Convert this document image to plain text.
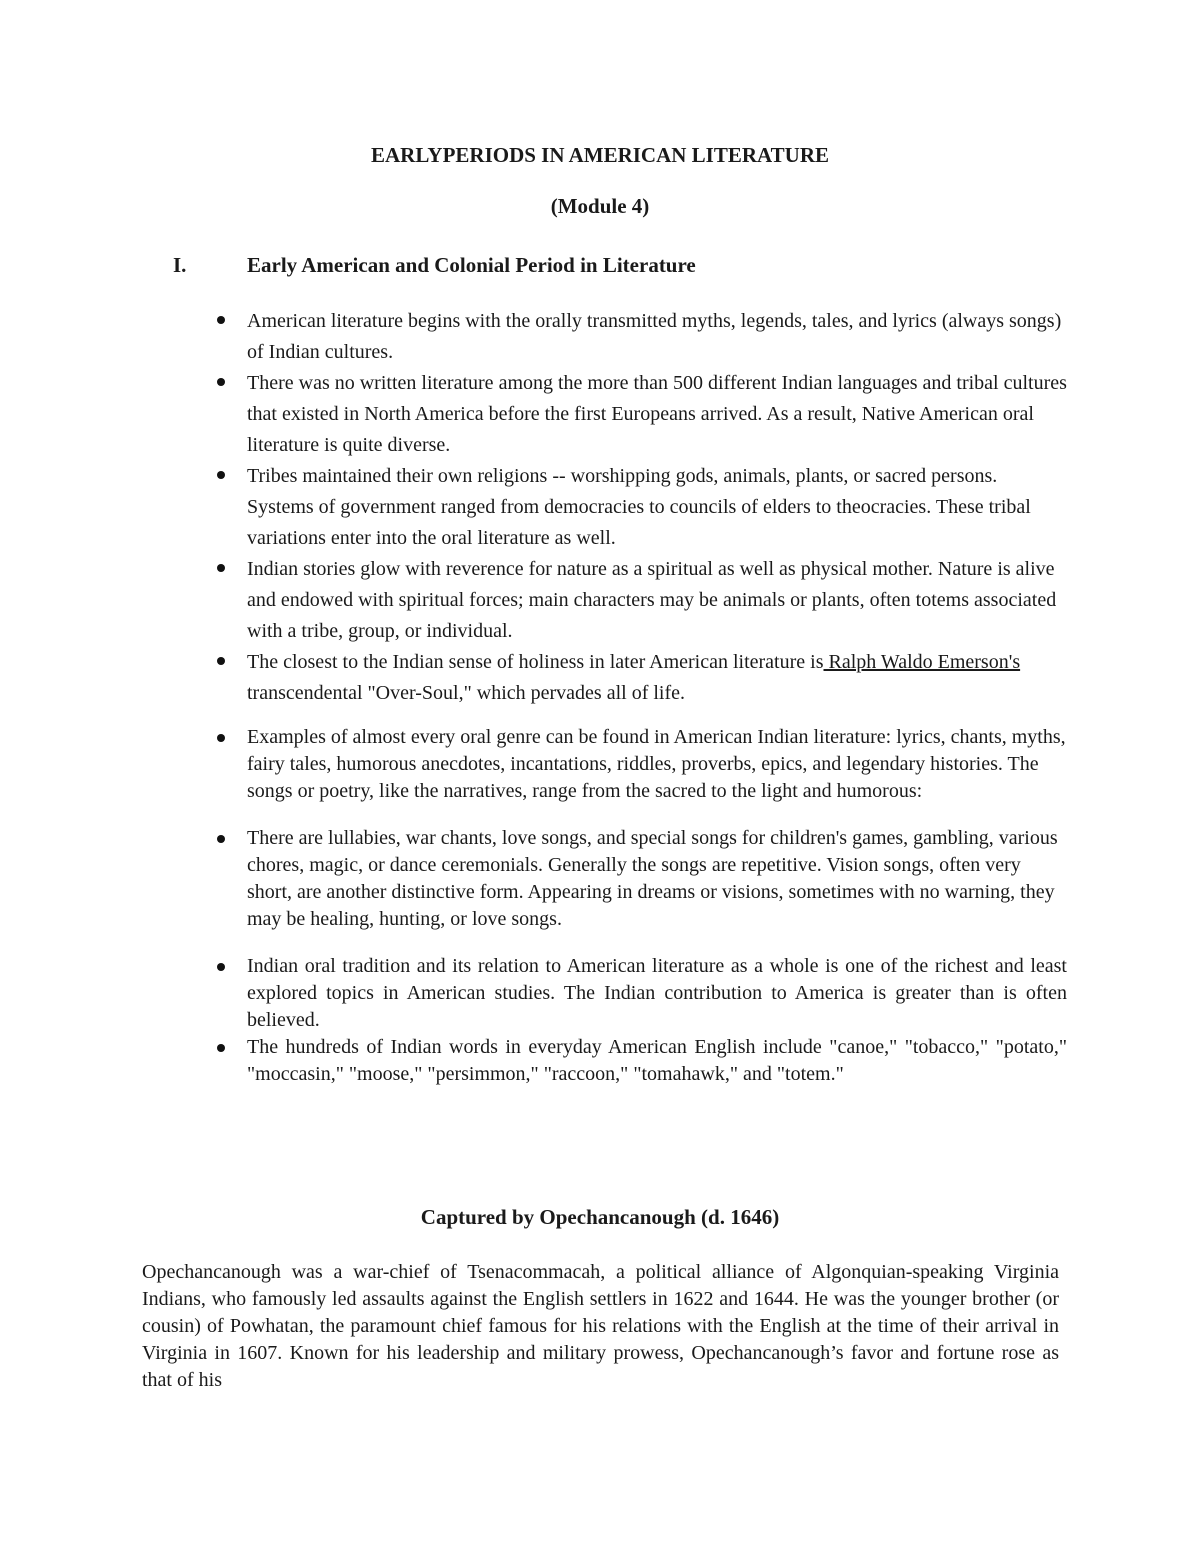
EARLYPERIODS IN AMERICAN LITERATURE
(Module 4)
I.	Early American and Colonial Period in Literature
American literature begins with the orally transmitted myths, legends, tales, and lyrics (always songs) of Indian cultures.
There was no written literature among the more than 500 different Indian languages and tribal cultures that existed in North America before the first Europeans arrived. As a result, Native American oral literature is quite diverse.
Tribes maintained their own religions -- worshipping gods, animals, plants, or sacred persons. Systems of government ranged from democracies to councils of elders to theocracies. These tribal variations enter into the oral literature as well.
Indian stories glow with reverence for nature as a spiritual as well as physical mother. Nature is alive and endowed with spiritual forces; main characters may be animals or plants, often totems associated with a tribe, group, or individual.
The closest to the Indian sense of holiness in later American literature is Ralph Waldo Emerson's transcendental "Over-Soul," which pervades all of life.
Examples of almost every oral genre can be found in American Indian literature: lyrics, chants, myths, fairy tales, humorous anecdotes, incantations, riddles, proverbs, epics, and legendary histories. The songs or poetry, like the narratives, range from the sacred to the light and humorous:
There are lullabies, war chants, love songs, and special songs for children's games, gambling, various chores, magic, or dance ceremonials. Generally the songs are repetitive. Vision songs, often very short, are another distinctive form. Appearing in dreams or visions, sometimes with no warning, they may be healing, hunting, or love songs.
Indian oral tradition and its relation to American literature as a whole is one of the richest and least explored topics in American studies. The Indian contribution to America is greater than is often believed.
The hundreds of Indian words in everyday American English include "canoe," "tobacco," "potato," "moccasin," "moose," "persimmon," "raccoon," "tomahawk," and "totem."
Captured by Opechancanough (d. 1646)

Opechancanough was a war-chief of Tsenacommacah, a political alliance of Algonquian-speaking Virginia Indians, who famously led assaults against the English settlers in 1622 and 1644. He was the younger brother (or cousin) of Powhatan, the paramount chief famous for his relations with the English at the time of their arrival in Virginia in 1607. Known for his leadership and military prowess, Opechancanough’s favor and fortune rose as that of his
